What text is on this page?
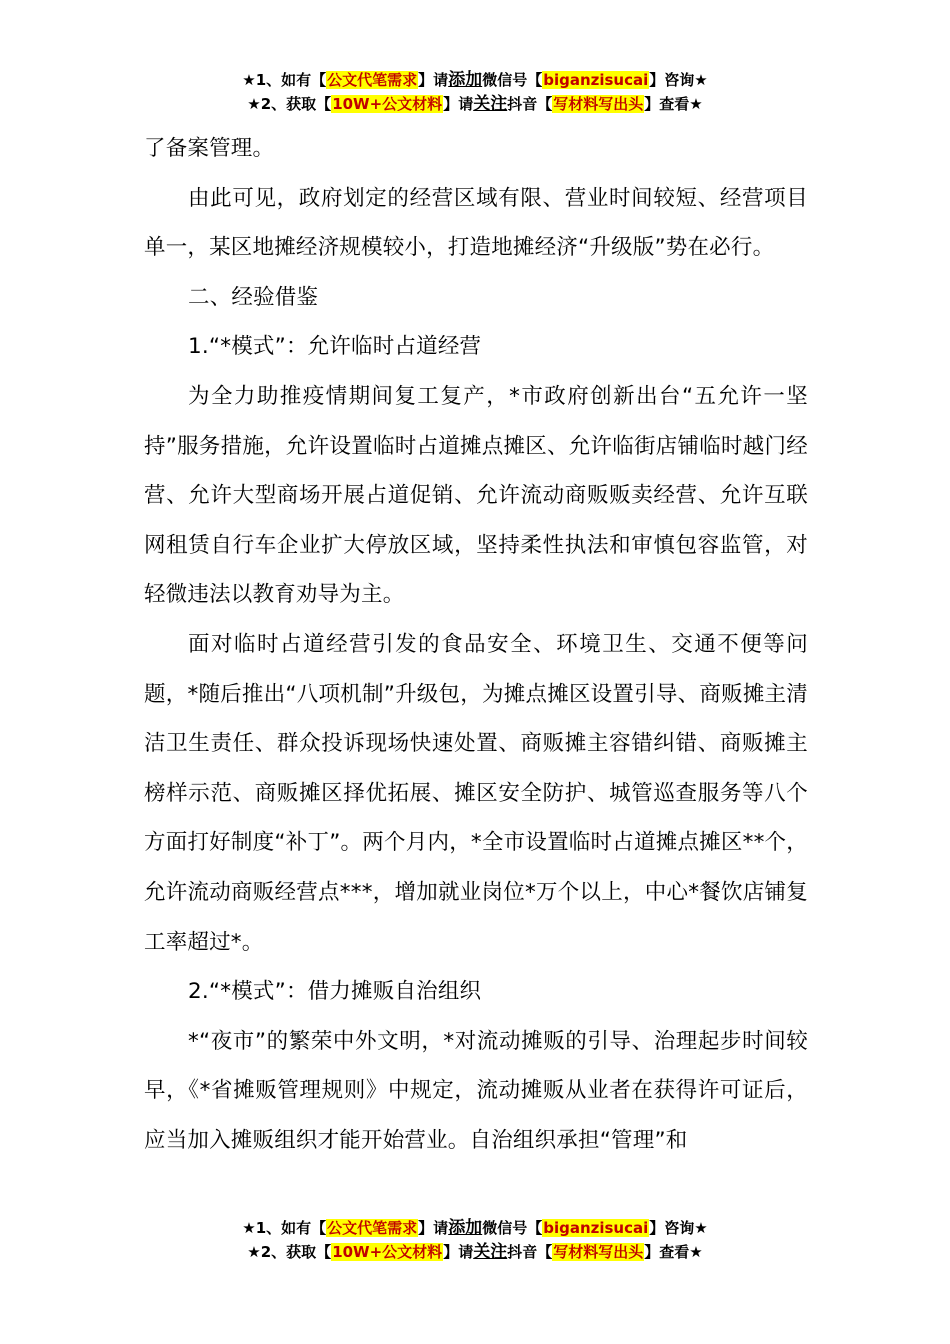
★1、如有【公文代笔需求】请添加微信号【biganzisucai】咨询★
★2、获取【10W+公文材料】请关注抖音【写材料写出头】查看★

了备案管理。

由此可见，政府划定的经营区域有限、营业时间较短、经营项目单一，某区地摊经济规模较小，打造地摊经济“升级版”势在必行。

二、经验借鉴

1.“*模式”：允许临时占道经营

为全力助推疫情期间复工复产，*市政府创新出台“五允许一坚持”服务措施，允许设置临时占道摊点摊区、允许临街店铺临时越门经营、允许大型商场开展占道促销、允许流动商贩贩卖经营、允许互联网租赁自行车企业扩大停放区域，坚持柔性执法和审慎包容监管，对轻微违法以教育劝导为主。

面对临时占道经营引发的食品安全、环境卫生、交通不便等问题，*随后推出“八项机制”升级包，为摊点摊区设置引导、商贩摊主清洁卫生责任、群众投诉现场快速处置、商贩摊主容错纠错、商贩摊主榜样示范、商贩摊区择优拓展、摊区安全防护、城管巡查服务等八个方面打好制度“补丁”。两个月内，*全市设置临时占道摊点摊区**个，允许流动商贩经营点***，增加就业岗位*万个以上，中心*餐饮店铺复工率超过*。

2.“*模式”：借力摊贩自治组织

*“夜市”的繁荣中外文明，*对流动摊贩的引导、治理起步时间较早，《*省摊贩管理规则》中规定，流动摊贩从业者在获得许可证后，应当加入摊贩组织才能开始营业。自治组织承担“管理”和

★1、如有【公文代笔需求】请添加微信号【biganzisucai】咨询★
★2、获取【10W+公文材料】请关注抖音【写材料写出头】查看★
